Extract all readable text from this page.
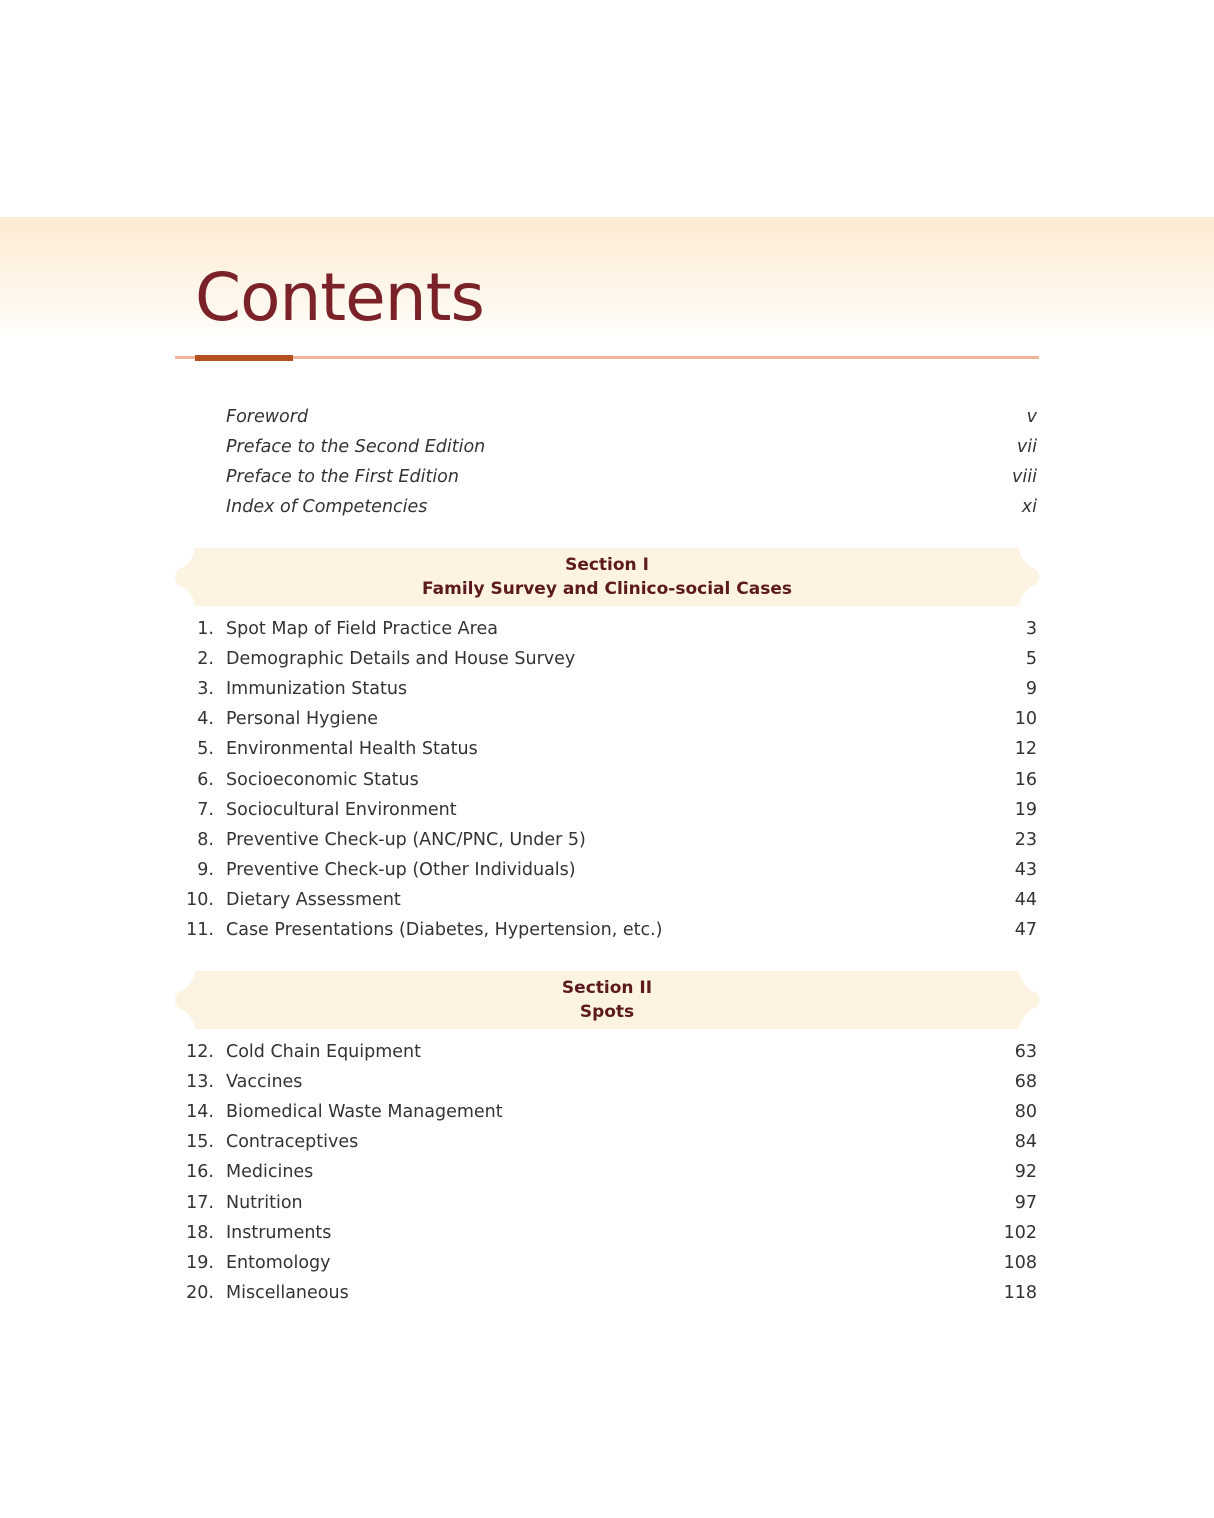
Contents
Foreword	v
Preface to the Second Edition	vii
Preface to the First Edition	viii
Index of Competencies	xi
Section I
Family Survey and Clinico-social Cases
1. Spot Map of Field Practice Area	3
2. Demographic Details and House Survey	5
3. Immunization Status	9
4. Personal Hygiene	10
5. Environmental Health Status	12
6. Socioeconomic Status	16
7. Sociocultural Environment	19
8. Preventive Check-up (ANC/PNC, Under 5)	23
9. Preventive Check-up (Other Individuals)	43
10. Dietary Assessment	44
11. Case Presentations (Diabetes, Hypertension, etc.)	47
Section II
Spots
12. Cold Chain Equipment	63
13. Vaccines	68
14. Biomedical Waste Management	80
15. Contraceptives	84
16. Medicines	92
17. Nutrition	97
18. Instruments	102
19. Entomology	108
20. Miscellaneous	118
